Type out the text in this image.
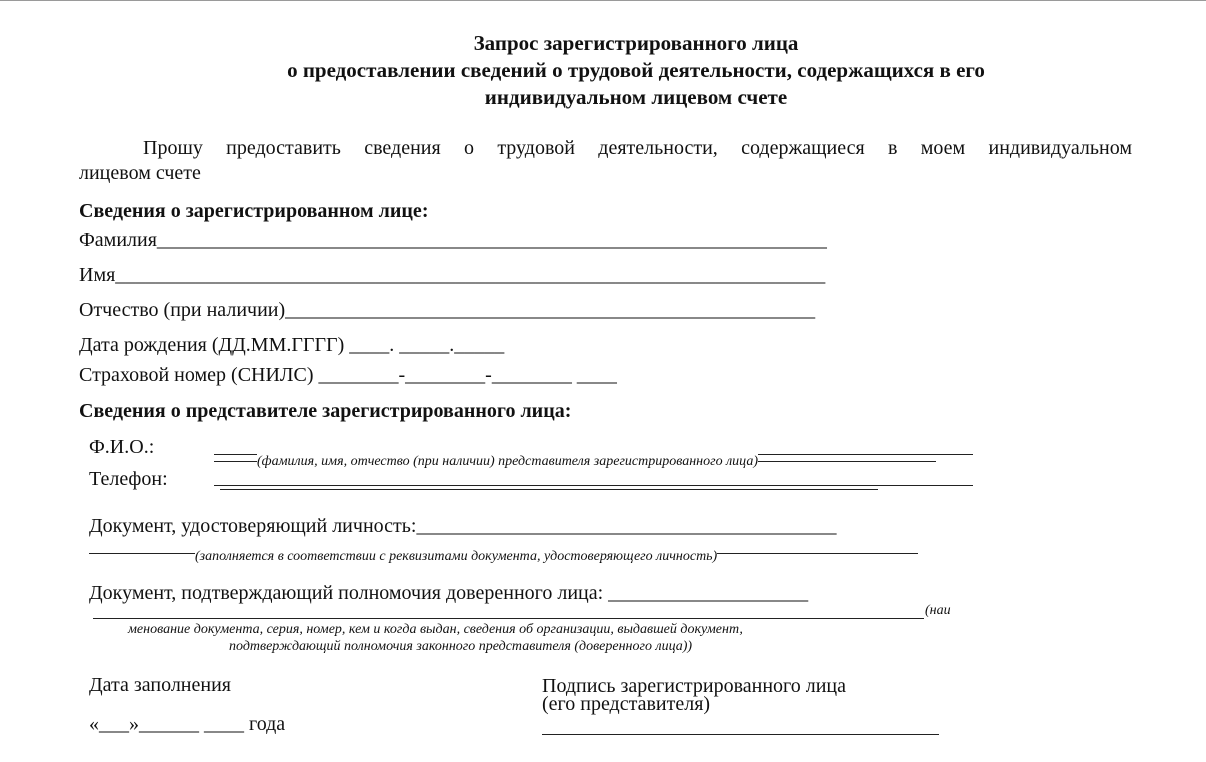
Запрос зарегистрированного лица
о предоставлении сведений о трудовой деятельности, содержащихся в его
индивидуальном лицевом счете
Прошу предоставить сведения о трудовой деятельности, содержащиеся в моем индивидуальном
лицевом счете
Сведения о зарегистрированном лице:
Фамилия___________________________________________________________________
Имя_______________________________________________________________________
Отчество (при наличии)_____________________________________________________
Дата рождения (ДД.ММ.ГГГГ) ____. _____._____
Страховой номер (СНИЛС) ________-________-________ ____
Сведения о представителе зарегистрированного лица:
Ф.И.О.:
(фамилия, имя, отчество (при наличии) представителя зарегистрированного лица)
Телефон:
Документ, удостоверяющий личность:__________________________________________
(заполняется в соответствии с реквизитами документа, удостоверяющего личность)
Документ, подтверждающий полномочия доверенного лица: ____________________
(наи
менование документа, серия, номер, кем и когда выдан, сведения об организации, выдавшей документ,
подтверждающий полномочия законного представителя (доверенного лица))
Дата заполнения
«___»______ ____ года
Подпись зарегистрированного лица
(его представителя)
